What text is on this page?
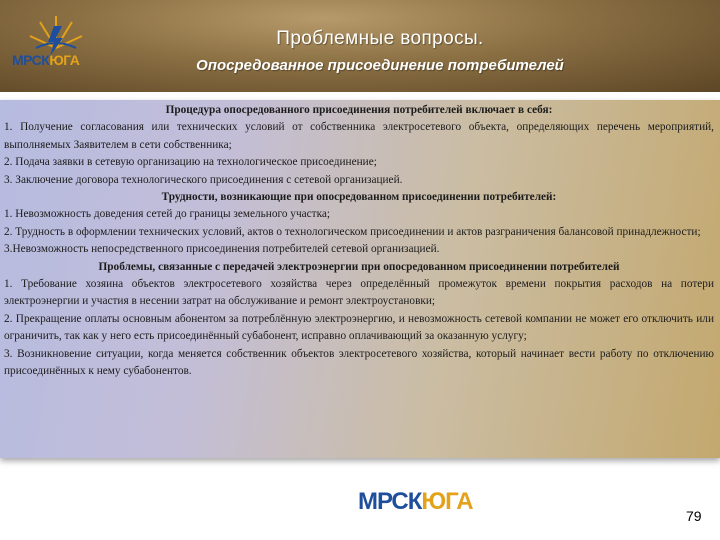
МРСКЮГА
Проблемные вопросы.
Опосредованное присоединение потребителей
Процедура опосредованного присоединения потребителей включает в себя:
1. Получение согласования или технических условий от собственника электросетевого объекта, определяющих перечень мероприятий, выполняемых Заявителем в сети собственника;
2. Подача заявки в сетевую организацию на технологическое присоединение;
3. Заключение договора технологического присоединения с сетевой организацией.
Трудности, возникающие при опосредованном присоединении потребителей:
1. Невозможность доведения сетей до границы земельного участка;
2. Трудность в оформлении технических условий, актов о технологическом присоединении и актов разграничения балансовой принадлежности;
3.Невозможность непосредственного присоединения потребителей сетевой организацией.
Проблемы, связанные с передачей электроэнергии при опосредованном присоединении потребителей
1. Требование хозяина объектов электросетевого хозяйства через определённый промежуток времени покрытия расходов на потери электроэнергии и участия в несении затрат на обслуживание и ремонт электроустановки;
2. Прекращение оплаты основным абонентом за потреблённую электроэнергию, и невозможность сетевой компании не может его отключить или ограничить, так как у него есть присоединённый субабонент, исправно оплачивающий за оказанную услугу;
3. Возникновение ситуации, когда меняется собственник объектов электросетевого хозяйства, который начинает вести работу по отключению присоединённых к нему субабонентов.
МРСКЮГА
79
